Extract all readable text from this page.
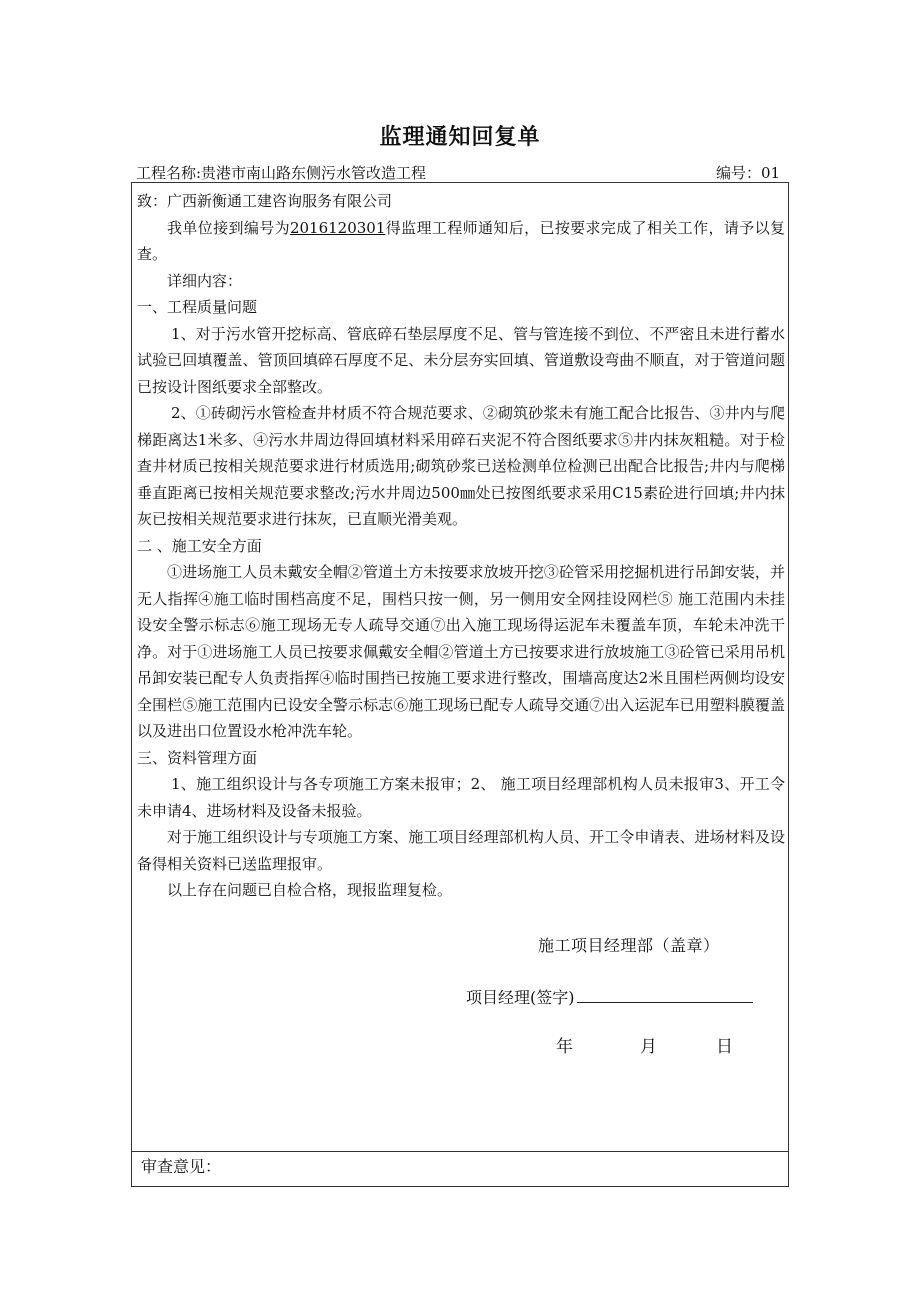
监理通知回复单
工程名称:贵港市南山路东侧污水管改造工程	编号：01

致：广西新衡通工建咨询服务有限公司

我单位接到编号为2016120301得监理工程师通知后，已按要求完成了相关工作，请予以复查。

详细内容：

一、工程质量问题

1、对于污水管开挖标高、管底碎石垫层厚度不足、管与管连接不到位、不严密且未进行蓄水试验已回填覆盖、管顶回填碎石厚度不足、未分层夯实回填、管道敷设弯曲不顺直，对于管道问题已按设计图纸要求全部整改。

2、①砖砌污水管检查井材质不符合规范要求、②砌筑砂浆未有施工配合比报告、③井内与爬梯距离达1米多、④污水井周边得回填材料采用碎石夹泥不符合图纸要求⑤井内抹灰粗糙。对于检查井材质已按相关规范要求进行材质选用;砌筑砂浆已送检测单位检测已出配合比报告;井内与爬梯垂直距离已按相关规范要求整改;污水井周边500㎜处已按图纸要求采用C15素砼进行回填;井内抹灰已按相关规范要求进行抹灰，已直顺光滑美观。

二 、施工安全方面

①进场施工人员未戴安全帽②管道土方未按要求放坡开挖③砼管采用挖掘机进行吊卸安装，并无人指挥④施工临时围档高度不足，围档只按一侧，另一侧用安全网挂设网栏⑤ 施工范围内未挂设安全警示标志⑥施工现场无专人疏导交通⑦出入施工现场得运泥车未覆盖车顶，车轮未冲洗干净。对于①进场施工人员已按要求佩戴安全帽②管道土方已按要求进行放坡施工③砼管已采用吊机吊卸安装已配专人负责指挥④临时围挡已按施工要求进行整改，围墙高度达2米且围栏两侧均设安全围栏⑤施工范围内已设安全警示标志⑥施工现场已配专人疏导交通⑦出入运泥车已用塑料膜覆盖以及进出口位置设水枪冲洗车轮。

三、资料管理方面

1、施工组织设计与各专项施工方案未报审；2、 施工项目经理部机构人员未报审3、开工令未申请4、进场材料及设备未报验。

对于施工组织设计与专项施工方案、施工项目经理部机构人员、开工令申请表、进场材料及设备得相关资料已送监理报审。

以上存在问题已自检合格，现报监理复检。

施工项目经理部（盖章）
项目经理(签字)
年	月	日
审查意见：
